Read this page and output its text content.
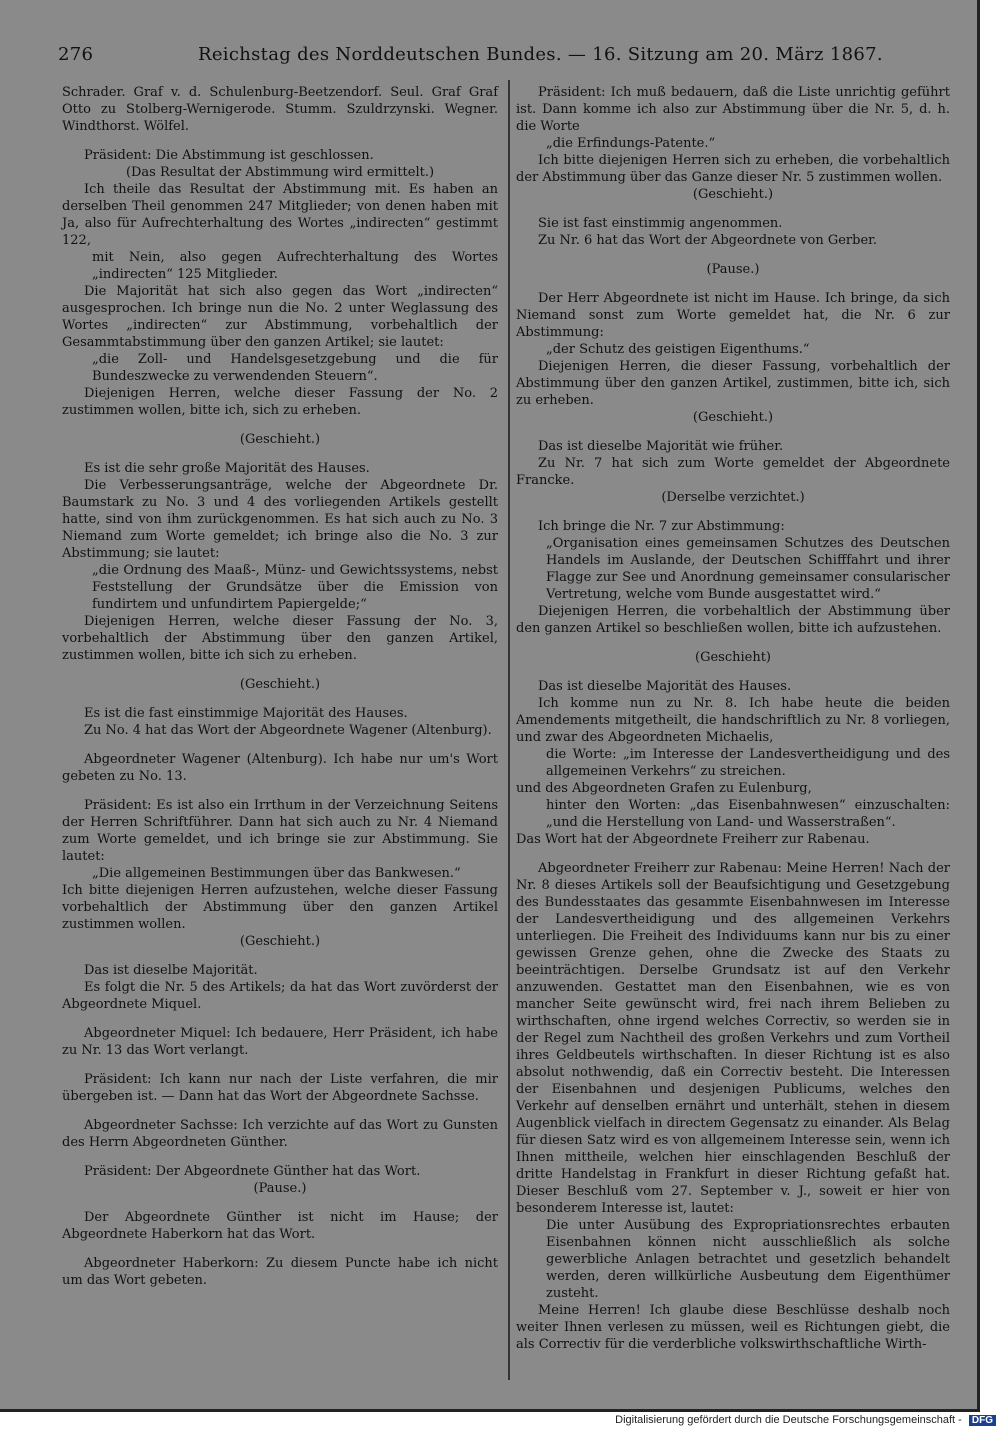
276	Reichstag des Norddeutschen Bundes. — 16. Sitzung am 20. März 1867.

Schrader. Graf v. d. Schulenburg-Beetzendorf. Seul. Graf Graf Otto zu Stolberg-Wernigerode. Stumm. Szuldrzynski. Wegner. Windthorst. Wölfel.

Präsident: Die Abstimmung ist geschlossen.

(Das Resultat der Abstimmung wird ermittelt.)

Ich theile das Resultat der Abstimmung mit. Es haben an derselben Theil genommen 247 Mitglieder; von denen haben mit Ja, also für Aufrechterhaltung des Wortes „indirecten“ gestimmt 122,

mit Nein, also gegen Aufrechterhaltung des Wortes „indirecten“ 125 Mitglieder.

Die Majorität hat sich also gegen das Wort „indirecten“ ausgesprochen. Ich bringe nun die No. 2 unter Weglassung des Wortes „indirecten“ zur Abstimmung, vorbehaltlich der Gesammtabstimmung über den ganzen Artikel; sie lautet:

„die Zoll- und Handelsgesetzgebung und die für Bundeszwecke zu verwendenden Steuern“.

Diejenigen Herren, welche dieser Fassung der No. 2 zustimmen wollen, bitte ich, sich zu erheben.

(Geschieht.)

Es ist die sehr große Majorität des Hauses.

Die Verbesserungsanträge, welche der Abgeordnete Dr. Baumstark zu No. 3 und 4 des vorliegenden Artikels gestellt hatte, sind von ihm zurückgenommen. Es hat sich auch zu No. 3 Niemand zum Worte gemeldet; ich bringe also die No. 3 zur Abstimmung; sie lautet:

„die Ordnung des Maaß-, Münz- und Gewichtssystems, nebst Feststellung der Grundsätze über die Emission von fundirtem und unfundirtem Papiergelde;“

Diejenigen Herren, welche dieser Fassung der No. 3, vorbehaltlich der Abstimmung über den ganzen Artikel, zustimmen wollen, bitte ich sich zu erheben.

(Geschieht.)

Es ist die fast einstimmige Majorität des Hauses.

Zu No. 4 hat das Wort der Abgeordnete Wagener (Altenburg).

Abgeordneter Wagener (Altenburg). Ich habe nur um's Wort gebeten zu No. 13.

Präsident: Es ist also ein Irrthum in der Verzeichnung Seitens der Herren Schriftführer. Dann hat sich auch zu Nr. 4 Niemand zum Worte gemeldet, und ich bringe sie zur Abstimmung. Sie lautet:

„Die allgemeinen Bestimmungen über das Bankwesen.“

Ich bitte diejenigen Herren aufzustehen, welche dieser Fassung vorbehaltlich der Abstimmung über den ganzen Artikel zustimmen wollen.

(Geschieht.)

Das ist dieselbe Majorität.

Es folgt die Nr. 5 des Artikels; da hat das Wort zuvörderst der Abgeordnete Miquel.

Abgeordneter Miquel: Ich bedauere, Herr Präsident, ich habe zu Nr. 13 das Wort verlangt.

Präsident: Ich kann nur nach der Liste verfahren, die mir übergeben ist. — Dann hat das Wort der Abgeordnete Sachsse.

Abgeordneter Sachsse: Ich verzichte auf das Wort zu Gunsten des Herrn Abgeordneten Günther.

Präsident: Der Abgeordnete Günther hat das Wort.

(Pause.)

Der Abgeordnete Günther ist nicht im Hause; der Abgeordnete Haberkorn hat das Wort.

Abgeordneter Haberkorn: Zu diesem Puncte habe ich nicht um das Wort gebeten.

Präsident: Ich muß bedauern, daß die Liste unrichtig geführt ist. Dann komme ich also zur Abstimmung über die Nr. 5, d. h. die Worte

„die Erfindungs-Patente.“

Ich bitte diejenigen Herren sich zu erheben, die vorbehaltlich der Abstimmung über das Ganze dieser Nr. 5 zustimmen wollen.

(Geschieht.)

Sie ist fast einstimmig angenommen.

Zu Nr. 6 hat das Wort der Abgeordnete von Gerber.

(Pause.)

Der Herr Abgeordnete ist nicht im Hause. Ich bringe, da sich Niemand sonst zum Worte gemeldet hat, die Nr. 6 zur Abstimmung:

„der Schutz des geistigen Eigenthums.“

Diejenigen Herren, die dieser Fassung, vorbehaltlich der Abstimmung über den ganzen Artikel, zustimmen, bitte ich, sich zu erheben.

(Geschieht.)

Das ist dieselbe Majorität wie früher.

Zu Nr. 7 hat sich zum Worte gemeldet der Abgeordnete Francke.

(Derselbe verzichtet.)

Ich bringe die Nr. 7 zur Abstimmung:

„Organisation eines gemeinsamen Schutzes des Deutschen Handels im Auslande, der Deutschen Schifffahrt und ihrer Flagge zur See und Anordnung gemeinsamer consularischer Vertretung, welche vom Bunde ausgestattet wird.“

Diejenigen Herren, die vorbehaltlich der Abstimmung über den ganzen Artikel so beschließen wollen, bitte ich aufzustehen.

(Geschieht)

Das ist dieselbe Majorität des Hauses.

Ich komme nun zu Nr. 8. Ich habe heute die beiden Amendements mitgetheilt, die handschriftlich zu Nr. 8 vorliegen, und zwar des Abgeordneten Michaelis,

die Worte: „im Interesse der Landesvertheidigung und des allgemeinen Verkehrs“ zu streichen.

und des Abgeordneten Grafen zu Eulenburg,

hinter den Worten: „das Eisenbahnwesen“ einzuschalten: „und die Herstellung von Land- und Wasserstraßen“.

Das Wort hat der Abgeordnete Freiherr zur Rabenau.

Abgeordneter Freiherr zur Rabenau: Meine Herren! Nach der Nr. 8 dieses Artikels soll der Beaufsichtigung und Gesetzgebung des Bundesstaates das gesammte Eisenbahnwesen im Interesse der Landesvertheidigung und des allgemeinen Verkehrs unterliegen. Die Freiheit des Individuums kann nur bis zu einer gewissen Grenze gehen, ohne die Zwecke des Staats zu beeinträchtigen. Derselbe Grundsatz ist auf den Verkehr anzuwenden. Gestattet man den Eisenbahnen, wie es von mancher Seite gewünscht wird, frei nach ihrem Belieben zu wirthschaften, ohne irgend welches Correctiv, so werden sie in der Regel zum Nachtheil des großen Verkehrs und zum Vortheil ihres Geldbeutels wirthschaften. In dieser Richtung ist es also absolut nothwendig, daß ein Correctiv besteht. Die Interessen der Eisenbahnen und desjenigen Publicums, welches den Verkehr auf denselben ernährt und unterhält, stehen in diesem Augenblick vielfach in directem Gegensatz zu einander. Als Belag für diesen Satz wird es von allgemeinem Interesse sein, wenn ich Ihnen mittheile, welchen hier einschlagenden Beschluß der dritte Handelstag in Frankfurt in dieser Richtung gefaßt hat. Dieser Beschluß vom 27. September v. J., soweit er hier von besonderem Interesse ist, lautet:

Die unter Ausübung des Expropriationsrechtes erbauten Eisenbahnen können nicht ausschließlich als solche gewerbliche Anlagen betrachtet und gesetzlich behandelt werden, deren willkürliche Ausbeutung dem Eigenthümer zusteht.

Meine Herren! Ich glaube diese Beschlüsse deshalb noch weiter Ihnen verlesen zu müssen, weil es Richtungen giebt, die als Correctiv für die verderbliche volkswirthschaftliche Wirth-

Digitalisierung gefördert durch die Deutsche Forschungsgemeinschaft - DFG
